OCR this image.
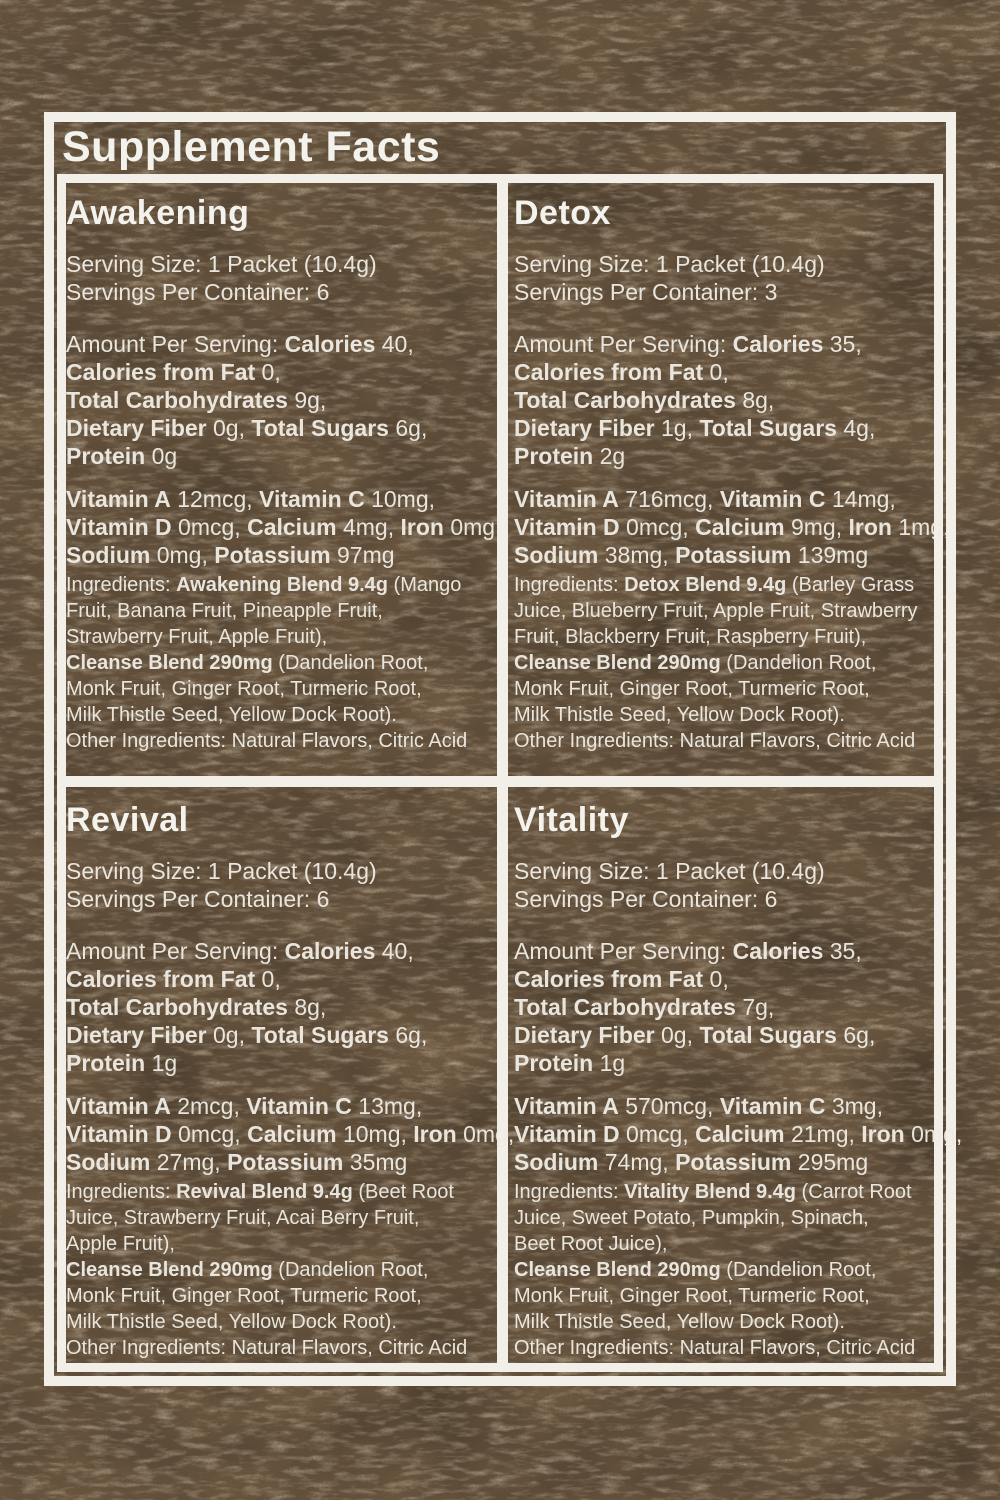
Supplement Facts
Awakening
Serving Size: 1 Packet (10.4g)
Servings Per Container: 6
Amount Per Serving: Calories 40,
Calories from Fat 0,
Total Carbohydrates 9g,
Dietary Fiber 0g, Total Sugars 6g,
Protein 0g
Vitamin A 12mcg, Vitamin C 10mg,
Vitamin D 0mcg, Calcium 4mg, Iron 0mg,
Sodium 0mg, Potassium 97mg
Ingredients: Awakening Blend 9.4g (Mango
Fruit, Banana Fruit, Pineapple Fruit,
Strawberry Fruit, Apple Fruit),
Cleanse Blend 290mg (Dandelion Root,
Monk Fruit, Ginger Root, Turmeric Root,
Milk Thistle Seed, Yellow Dock Root).
Other Ingredients: Natural Flavors, Citric Acid
Detox
Serving Size: 1 Packet (10.4g)
Servings Per Container: 3
Amount Per Serving: Calories 35,
Calories from Fat 0,
Total Carbohydrates 8g,
Dietary Fiber 1g, Total Sugars 4g,
Protein 2g
Vitamin A 716mcg, Vitamin C 14mg,
Vitamin D 0mcg, Calcium 9mg, Iron 1mg,
Sodium 38mg, Potassium 139mg
Ingredients: Detox Blend 9.4g (Barley Grass
Juice, Blueberry Fruit, Apple Fruit, Strawberry
Fruit, Blackberry Fruit, Raspberry Fruit),
Cleanse Blend 290mg (Dandelion Root,
Monk Fruit, Ginger Root, Turmeric Root,
Milk Thistle Seed, Yellow Dock Root).
Other Ingredients: Natural Flavors, Citric Acid
Revival
Serving Size: 1 Packet (10.4g)
Servings Per Container: 6
Amount Per Serving: Calories 40,
Calories from Fat 0,
Total Carbohydrates 8g,
Dietary Fiber 0g, Total Sugars 6g,
Protein 1g
Vitamin A 2mcg, Vitamin C 13mg,
Vitamin D 0mcg, Calcium 10mg, Iron 0mg,
Sodium 27mg, Potassium 35mg
Ingredients: Revival Blend 9.4g (Beet Root
Juice, Strawberry Fruit, Acai Berry Fruit,
Apple Fruit),
Cleanse Blend 290mg (Dandelion Root,
Monk Fruit, Ginger Root, Turmeric Root,
Milk Thistle Seed, Yellow Dock Root).
Other Ingredients: Natural Flavors, Citric Acid
Vitality
Serving Size: 1 Packet (10.4g)
Servings Per Container: 6
Amount Per Serving: Calories 35,
Calories from Fat 0,
Total Carbohydrates 7g,
Dietary Fiber 0g, Total Sugars 6g,
Protein 1g
Vitamin A 570mcg, Vitamin C 3mg,
Vitamin D 0mcg, Calcium 21mg, Iron 0mg,
Sodium 74mg, Potassium 295mg
Ingredients: Vitality Blend 9.4g (Carrot Root
Juice, Sweet Potato, Pumpkin, Spinach,
Beet Root Juice),
Cleanse Blend 290mg (Dandelion Root,
Monk Fruit, Ginger Root, Turmeric Root,
Milk Thistle Seed, Yellow Dock Root).
Other Ingredients: Natural Flavors, Citric Acid
